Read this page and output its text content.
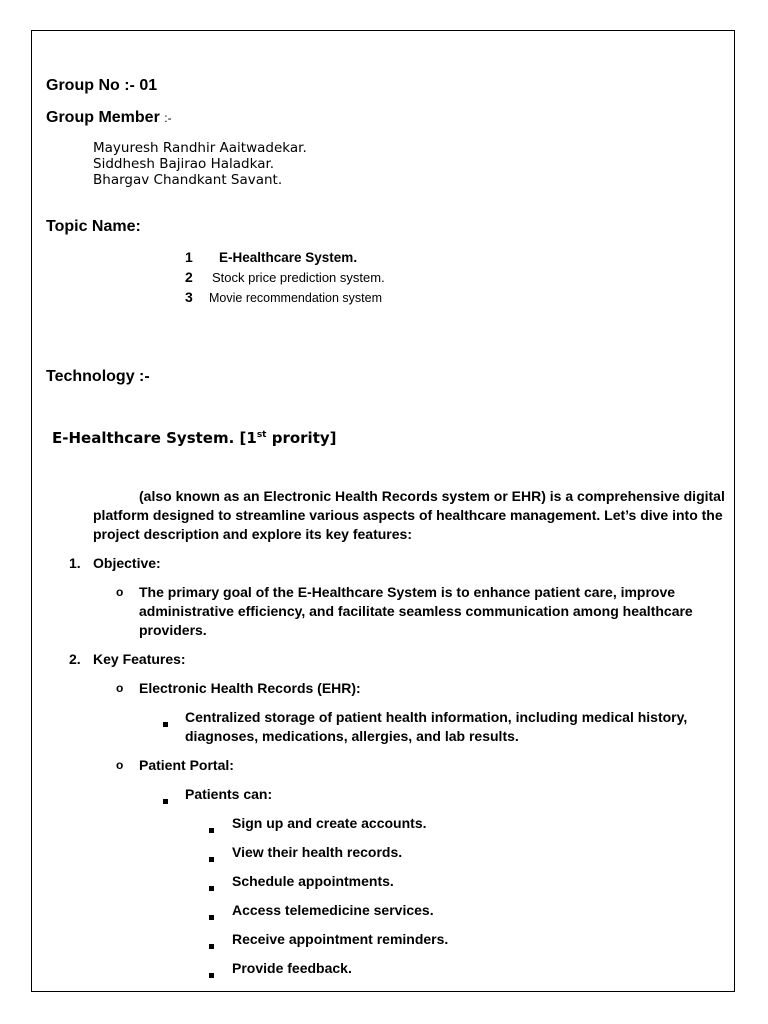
Group No :- 01
Group Member :-
Mayuresh Randhir Aaitwadekar.
Siddhesh Bajirao Haladkar.
Bhargav Chandkant Savant.
Topic Name:
1 E-Healthcare System.
2 Stock price prediction system.
3 Movie recommendation system
Technology :-
E-Healthcare System. [1st prority]
(also known as an Electronic Health Records system or EHR) is a comprehensive digital
platform designed to streamline various aspects of healthcare management. Let’s dive into the
project description and explore its key features:
1. Objective:
o The primary goal of the E-Healthcare System is to enhance patient care, improve
administrative efficiency, and facilitate seamless communication among healthcare
providers.
2. Key Features:
o Electronic Health Records (EHR):
Centralized storage of patient health information, including medical history,
diagnoses, medications, allergies, and lab results.
o Patient Portal:
Patients can:
Sign up and create accounts.
View their health records.
Schedule appointments.
Access telemedicine services.
Receive appointment reminders.
Provide feedback.
